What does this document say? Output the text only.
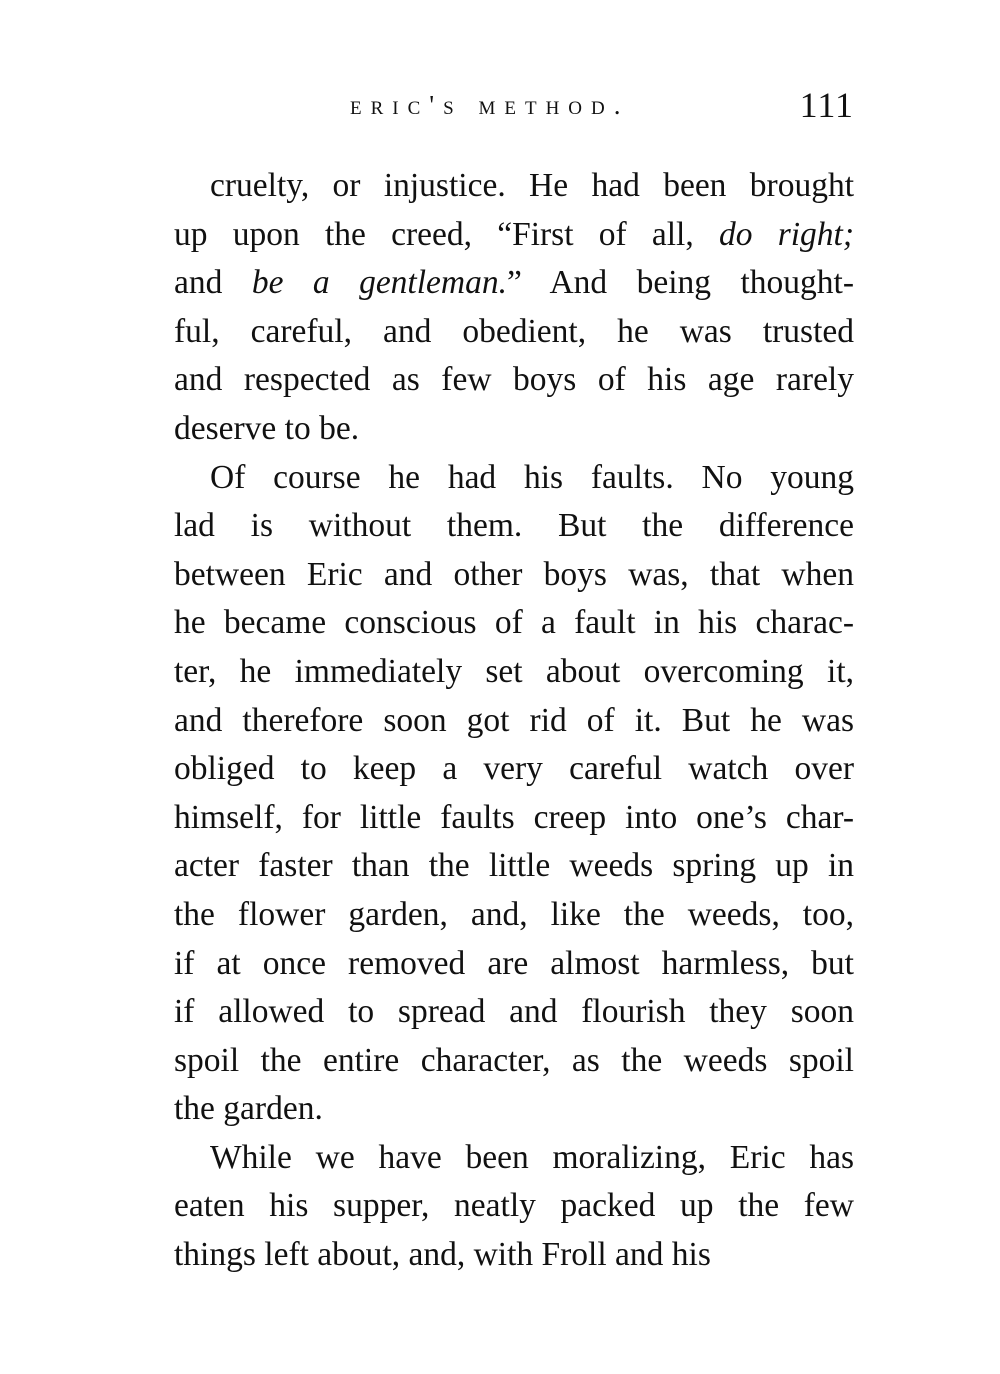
eric's method.	111
cruelty, or injustice. He had been brought
up upon the creed, “First of all, do right;
and be a gentleman.” And being thought-
ful, careful, and obedient, he was trusted
and respected as few boys of his age rarely
deserve to be.
Of course he had his faults. No young
lad is without them. But the difference
between Eric and other boys was, that when
he became conscious of a fault in his charac-
ter, he immediately set about overcoming it,
and therefore soon got rid of it. But he was
obliged to keep a very careful watch over
himself, for little faults creep into one’s char-
acter faster than the little weeds spring up in
the flower garden, and, like the weeds, too,
if at once removed are almost harmless, but
if allowed to spread and flourish they soon
spoil the entire character, as the weeds spoil
the garden.
While we have been moralizing, Eric has
eaten his supper, neatly packed up the few
things left about, and, with Froll and his
